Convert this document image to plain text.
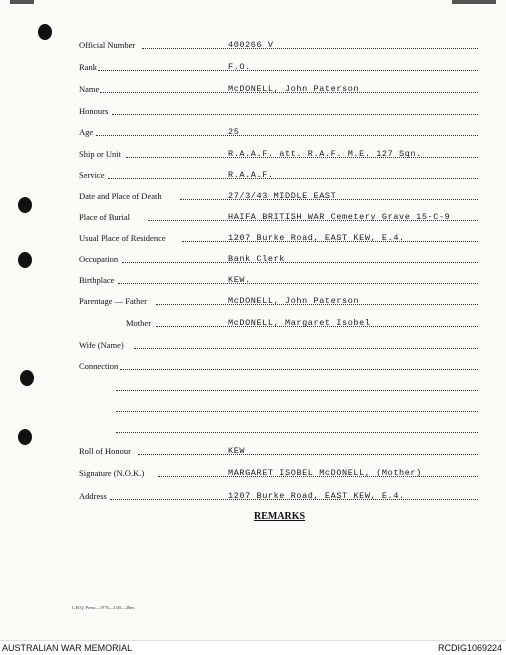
Official Number	400266 V
Rank	F.O.
Name	McDONELL, John Paterson
Honours
Age	25
Ship or Unit	R.A.A.F. att. R.A.F. M.E. 127 Sqn.
Service	R.A.A.F.
Date and Place of Death	27/3/43 MIDDLE EAST
Place of Burial	HAIFA BRITISH WAR Cemetery Grave 15-C-9
Usual Place of Residence	1207 Burke Road, EAST KEW, E.4.
Occupation	Bank Clerk
Birthplace	KEW.
Parentage — Father	McDONELL, John Paterson
Mother	McDONELL, Margaret Isobel
Wife (Name)
Connection
Roll of Honour	KEW
Signature (N.O.K.)	MARGARET ISOBEL McDONELL, (Mother)
Address	1207 Burke Road, EAST KEW, E.4.
REMARKS
L.H.Q. Press—1976—1/45—20m.
AUSTRALIAN WAR MEMORIAL	RCDIG1069224
